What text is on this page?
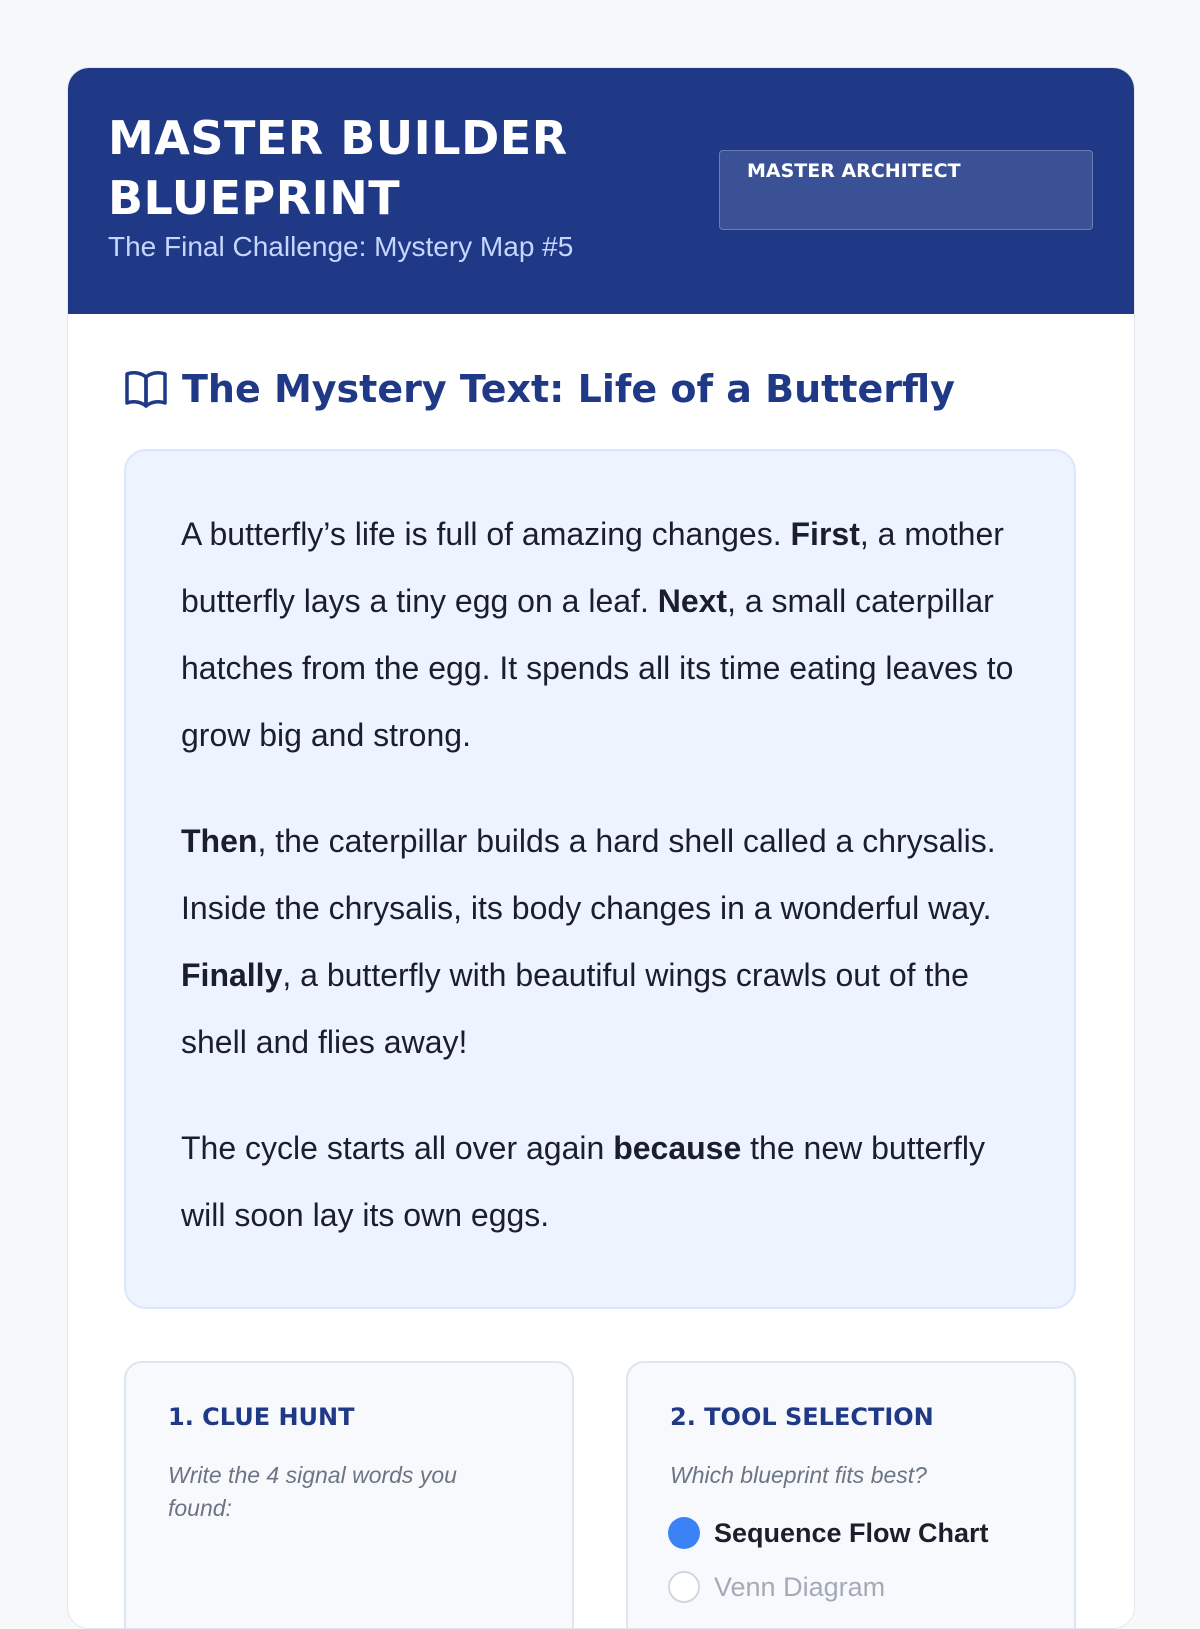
MASTER BUILDER BLUEPRINT
The Final Challenge: Mystery Map #5
MASTER ARCHITECT
The Mystery Text: Life of a Butterfly

A butterfly’s life is full of amazing changes. First, a mother butterfly lays a tiny egg on a leaf. Next, a small caterpillar hatches from the egg. It spends all its time eating leaves to grow big and strong.

Then, the caterpillar builds a hard shell called a chrysalis. Inside the chrysalis, its body changes in a wonderful way. Finally, a butterfly with beautiful wings crawls out of the shell and flies away!

The cycle starts all over again because the new butterfly will soon lay its own eggs.

1. CLUE HUNT
Write the 4 signal words you found:
2. TOOL SELECTION
Which blueprint fits best?
Sequence Flow Chart
Venn Diagram
